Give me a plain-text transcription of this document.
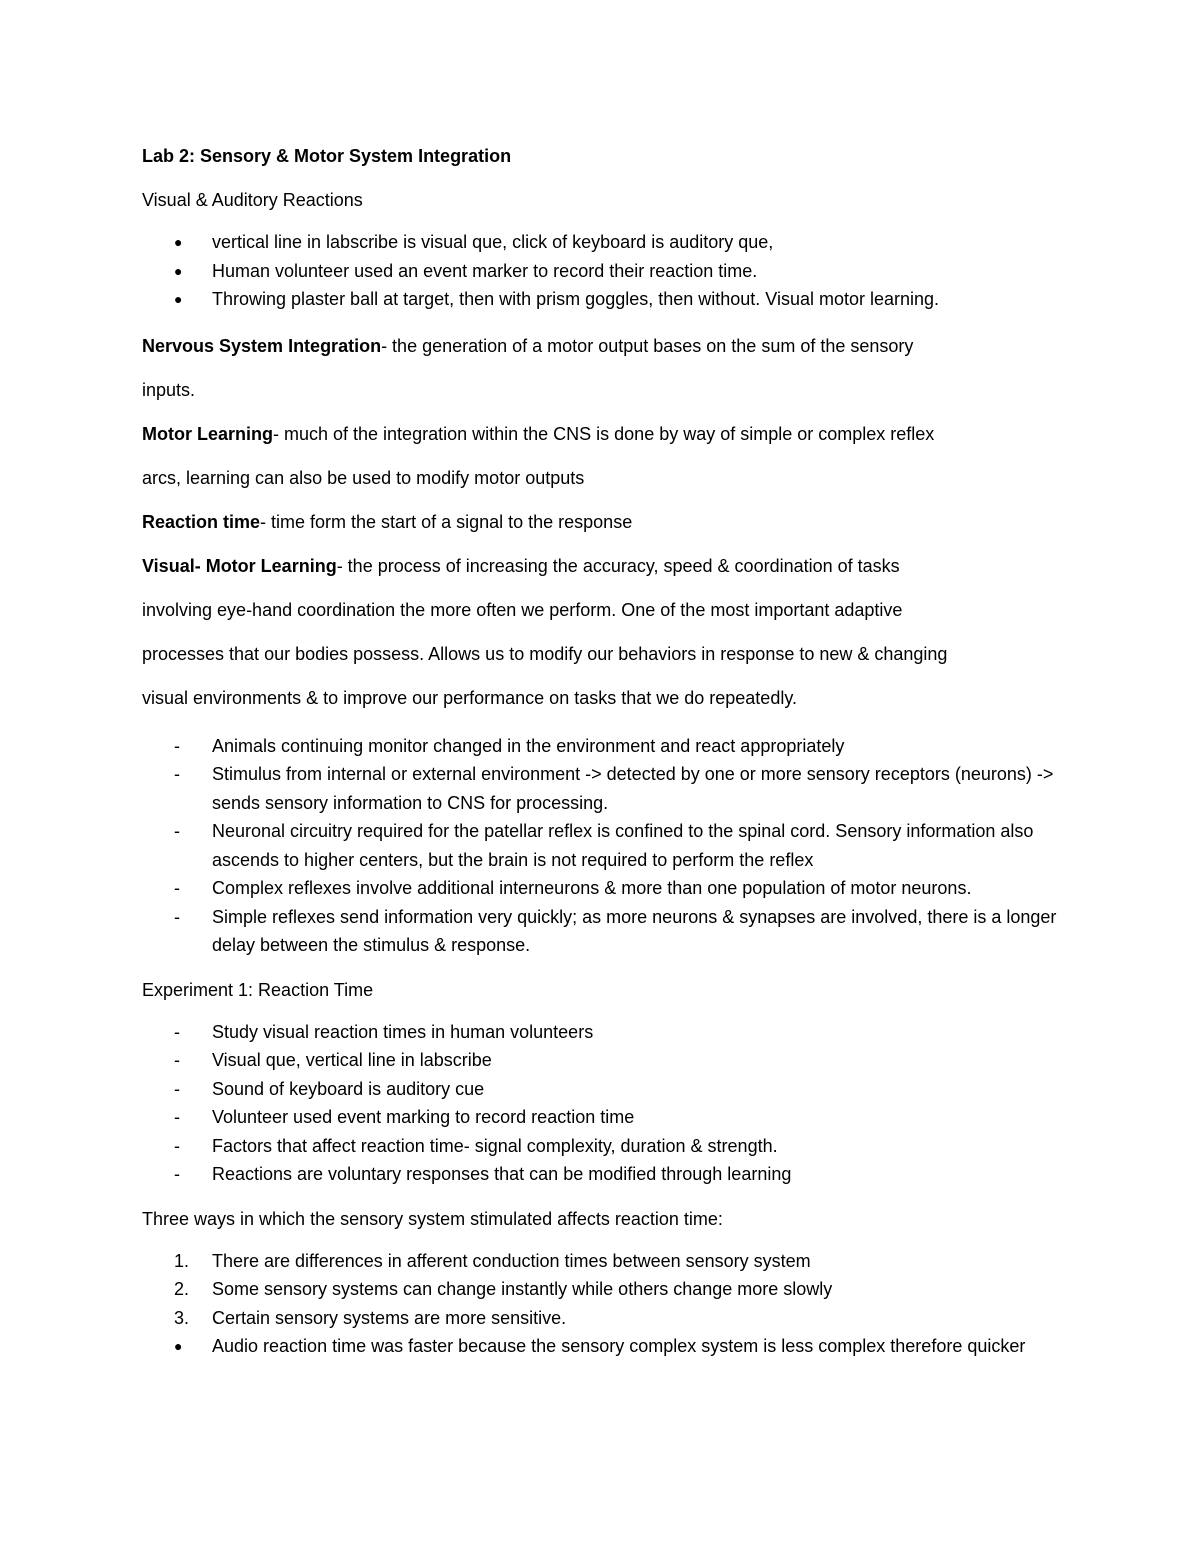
Lab 2: Sensory & Motor System Integration

Visual & Auditory Reactions

●	vertical line in labscribe is visual que, click of keyboard is auditory que,
●	Human volunteer used an event marker to record their reaction time.
●	Throwing plaster ball at target, then with prism goggles, then without. Visual motor learning.

Nervous System Integration- the generation of a motor output bases on the sum of the sensory

inputs.

Motor Learning- much of the integration within the CNS is done by way of simple or complex reflex

arcs, learning can also be used to modify motor outputs

Reaction time- time form the start of a signal to the response

Visual- Motor Learning- the process of increasing the accuracy, speed & coordination of tasks

involving eye-hand coordination the more often we perform. One of the most important adaptive

processes that our bodies possess. Allows us to modify our behaviors in response to new & changing

visual environments & to improve our performance on tasks that we do repeatedly.

-	Animals continuing monitor changed in the environment and react appropriately
-	Stimulus from internal or external environment -> detected by one or more sensory receptors (neurons) -> sends sensory information to CNS for processing.
-	Neuronal circuitry required for the patellar reflex is confined to the spinal cord. Sensory information also ascends to higher centers, but the brain is not required to perform the reflex
-	Complex reflexes involve additional interneurons & more than one population of motor neurons.
-	Simple reflexes send information very quickly; as more neurons & synapses are involved, there is a longer delay between the stimulus & response.

Experiment 1: Reaction Time

-	Study visual reaction times in human volunteers
-	Visual que, vertical line in labscribe
-	Sound of keyboard is auditory cue
-	Volunteer used event marking to record reaction time
-	Factors that affect reaction time- signal complexity, duration & strength.
-	Reactions are voluntary responses that can be modified through learning

Three ways in which the sensory system stimulated affects reaction time:

1.	There are differences in afferent conduction times between sensory system
2.	Some sensory systems can change instantly while others change more slowly
3.	Certain sensory systems are more sensitive.
●	Audio reaction time was faster because the sensory complex system is less complex therefore quicker
